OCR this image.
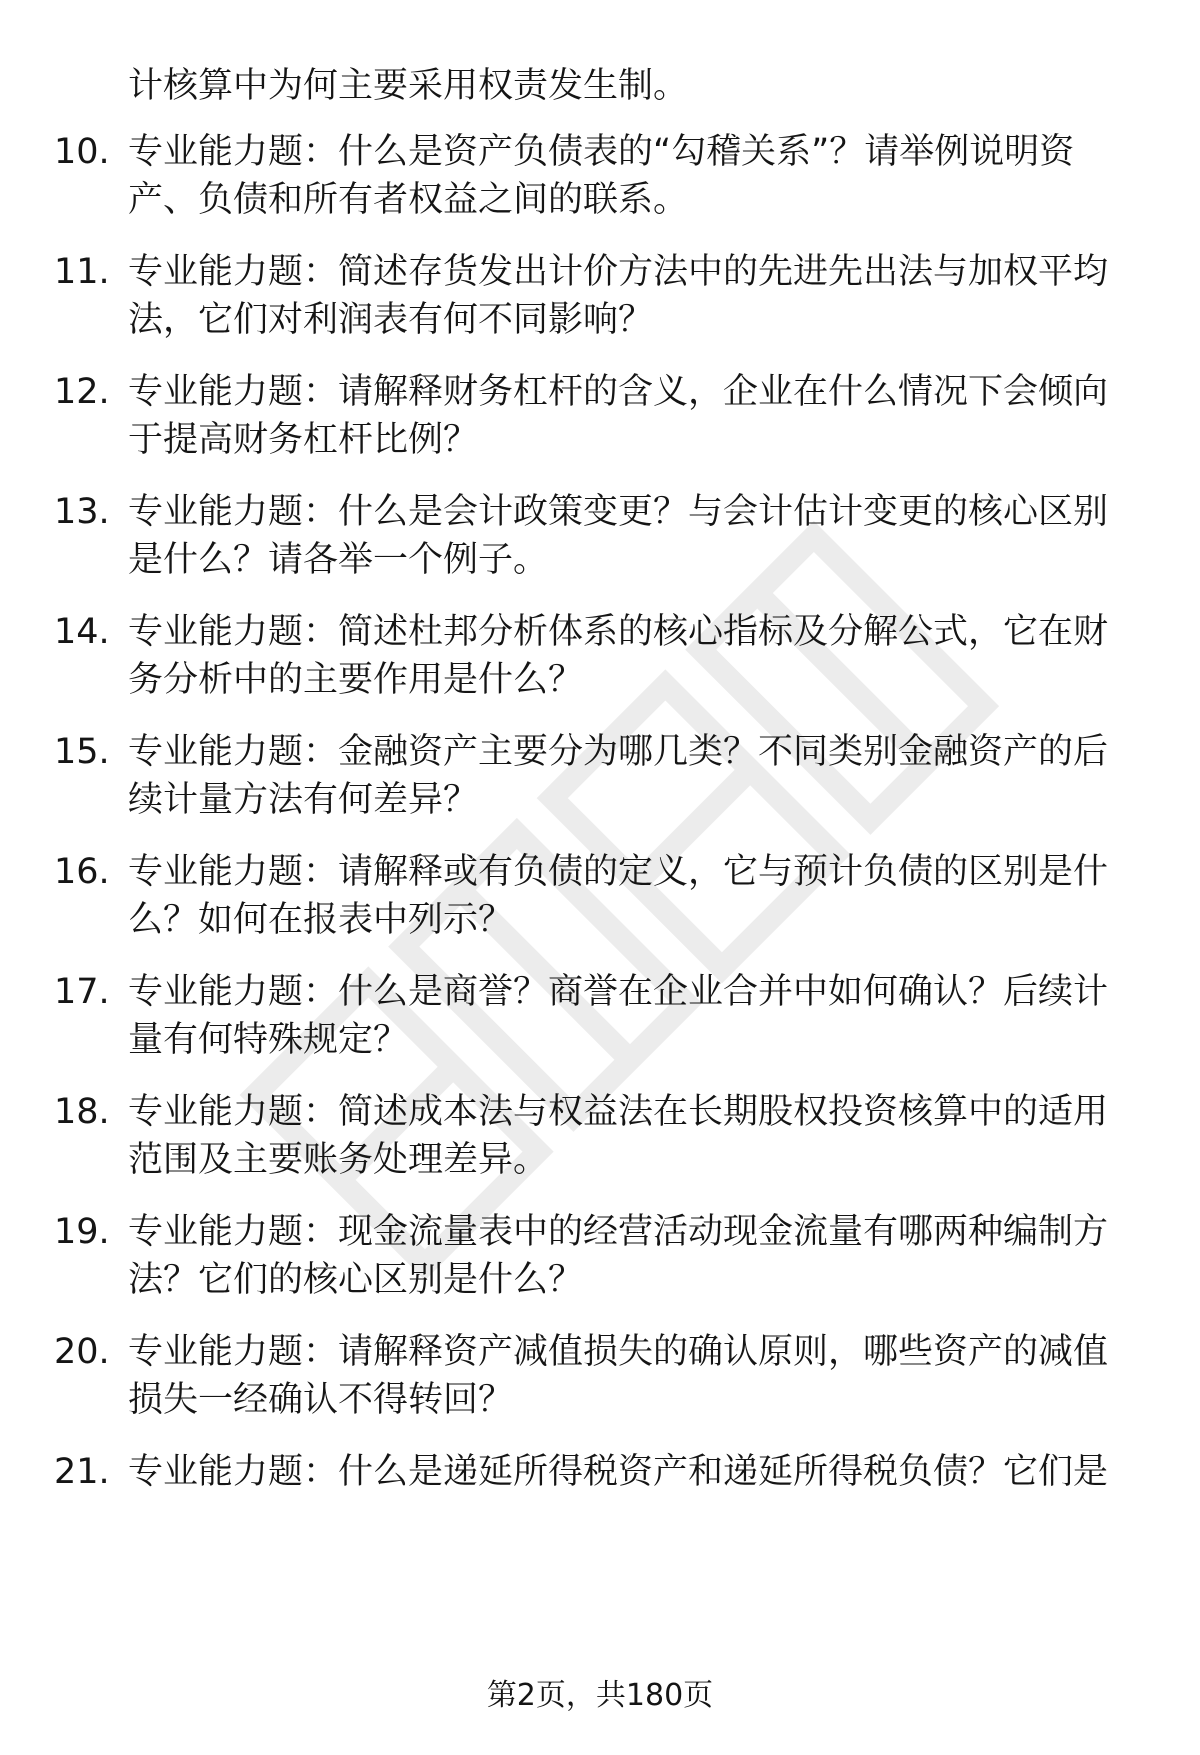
计核算中为何主要采用权责发生制。
10. 专业能力题：什么是资产负债表的“勾稽关系”？请举例说明资
产、负债和所有者权益之间的联系。
11. 专业能力题：简述存货发出计价方法中的先进先出法与加权平均
法，它们对利润表有何不同影响？
12. 专业能力题：请解释财务杠杆的含义，企业在什么情况下会倾向
于提高财务杠杆比例？
13. 专业能力题：什么是会计政策变更？与会计估计变更的核心区别
是什么？请各举一个例子。
14. 专业能力题：简述杜邦分析体系的核心指标及分解公式，它在财
务分析中的主要作用是什么？
15. 专业能力题：金融资产主要分为哪几类？不同类别金融资产的后
续计量方法有何差异？
16. 专业能力题：请解释或有负债的定义，它与预计负债的区别是什
么？如何在报表中列示？
17. 专业能力题：什么是商誉？商誉在企业合并中如何确认？后续计
量有何特殊规定？
18. 专业能力题：简述成本法与权益法在长期股权投资核算中的适用
范围及主要账务处理差异。
19. 专业能力题：现金流量表中的经营活动现金流量有哪两种编制方
法？它们的核心区别是什么？
20. 专业能力题：请解释资产减值损失的确认原则，哪些资产的减值
损失一经确认不得转回？
21. 专业能力题：什么是递延所得税资产和递延所得税负债？它们是
第2页，共180页
